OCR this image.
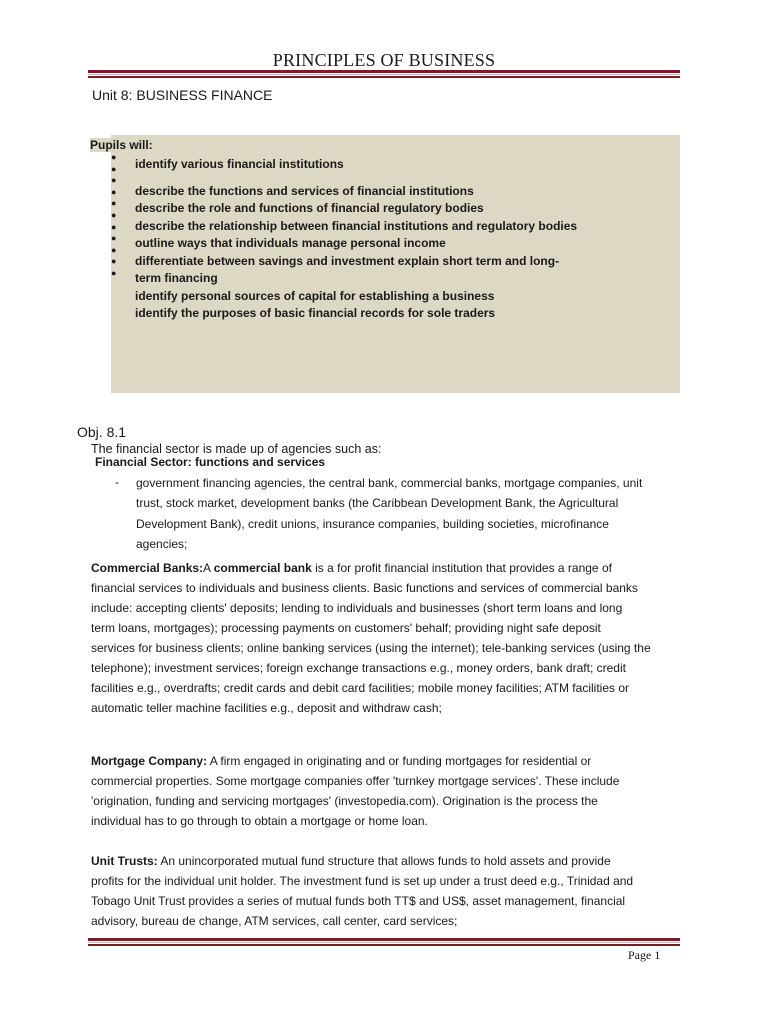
PRINCIPLES OF BUSINESS
Unit 8: BUSINESS FINANCE
Pupils will:
●
●
●
●
●
●
●
●
●
●
●
identify various financial institutions
describe the functions and services of financial institutions
describe the role and functions of financial regulatory bodies
describe the relationship between financial institutions and regulatory bodies
outline ways that individuals manage personal income
differentiate between savings and investment explain short term and long-
term financing
identify personal sources of capital for establishing a business
identify the purposes of basic financial records for sole traders
Obj. 8.1
The financial sector is made up of agencies such as:
Financial Sector: functions and services
- government financing agencies, the central bank, commercial banks, mortgage companies, unit
trust, stock market, development banks (the Caribbean Development Bank, the Agricultural
Development Bank), credit unions, insurance companies, building societies, microfinance
agencies;
Commercial Banks:A commercial bank is a for profit financial institution that provides a range of
financial services to individuals and business clients. Basic functions and services of commercial banks
include: accepting clients' deposits; lending to individuals and businesses (short term loans and long
term loans, mortgages); processing payments on customers' behalf; providing night safe deposit
services for business clients; online banking services (using the internet); tele-banking services (using the
telephone); investment services; foreign exchange transactions e.g., money orders, bank draft; credit
facilities e.g., overdrafts; credit cards and debit card facilities; mobile money facilities; ATM facilities or
automatic teller machine facilities e.g., deposit and withdraw cash;
Mortgage Company: A firm engaged in originating and or funding mortgages for residential or
commercial properties. Some mortgage companies offer 'turnkey mortgage services'. These include
'origination, funding and servicing mortgages' (investopedia.com). Origination is the process the
individual has to go through to obtain a mortgage or home loan.
Unit Trusts: An unincorporated mutual fund structure that allows funds to hold assets and provide
profits for the individual unit holder. The investment fund is set up under a trust deed e.g., Trinidad and
Tobago Unit Trust provides a series of mutual funds both TT$ and US$, asset management, financial
advisory, bureau de change, ATM services, call center, card services;
Page 1
